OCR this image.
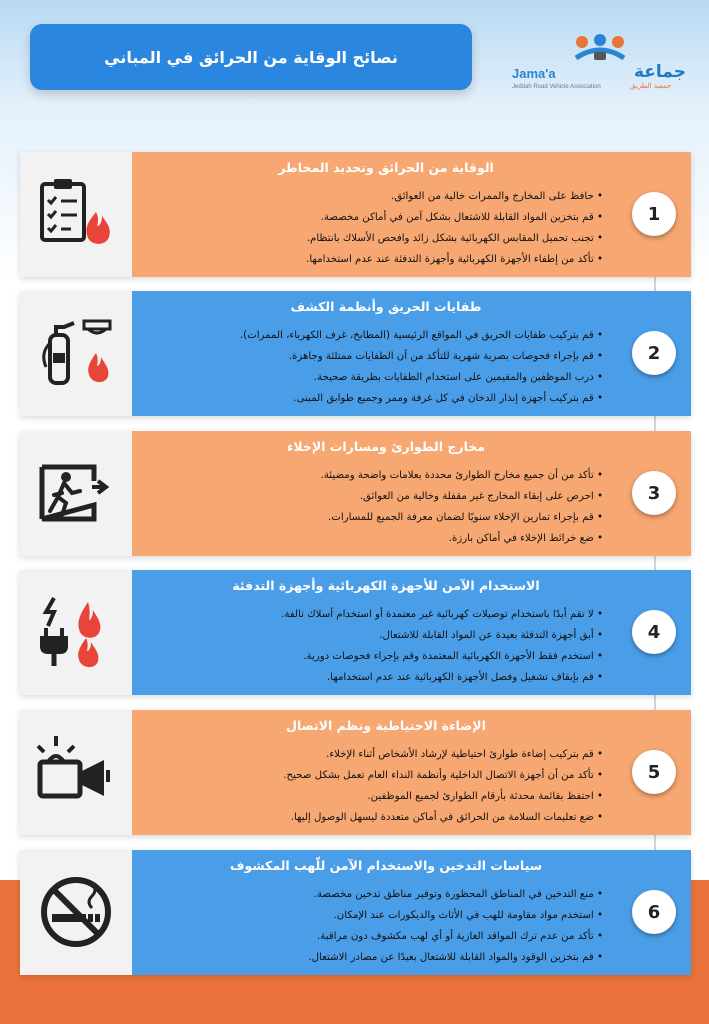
نصائح الوقاية من الحرائق في المباني
Jama'a	جماعة
Jeddah Road Vehicle Association	جمعية الطريق
الوقاية من الحرائق وتحديد المخاطر
• حافظ على المخارج والممرات خالية من العوائق.
• قم بتخزين المواد القابلة للاشتعال بشكل آمن في أماكن مخصصة.
• تجنب تحميل المقابس الكهربائية بشكل زائد وافحص الأسلاك بانتظام.
• تأكد من إطفاء الأجهزة الكهربائية وأجهزة التدفئة عند عدم استخدامها.
1
طفايات الحريق وأنظمة الكشف
• قم بتركيب طفايات الحريق في المواقع الرئيسية (المطابخ، غرف الكهرباء، الممرات).
• قم بإجراء فحوصات بصرية شهرية للتأكد من أن الطفايات ممتلئة وجاهزة.
• درب الموظفين والمقيمين على استخدام الطفايات بطريقة صحيحة.
• قم بتركيب أجهزة إنذار الدخان في كل غرفة وممر وجميع طوابق المبنى.
2
مخارج الطوارئ ومسارات الإخلاء
• تأكد من أن جميع مخارج الطوارئ محددة بعلامات واضحة ومضيئة.
• احرص على إبقاء المخارج غير مقفلة وخالية من العوائق.
• قم بإجراء تمارين الإخلاء سنويًا لضمان معرفة الجميع للمسارات.
• ضع خرائط الإخلاء في أماكن بارزة.
3
الاستخدام الآمن للأجهزة الكهربائية وأجهزة التدفئة
• لا تقم أبدًا باستخدام توصيلات كهربائية غير معتمدة أو استخدام أسلاك تالفة.
• أبق أجهزة التدفئة بعيدة عن المواد القابلة للاشتعال.
• استخدم فقط الأجهزة الكهربائية المعتمدة وقم بإجراء فحوصات دورية.
• قم بإيقاف تشغيل وفصل الأجهزة الكهربائية عند عدم استخدامها.
4
الإضاءة الاحتياطية ونظم الاتصال
• قم بتركيب إضاءة طوارئ احتياطية لإرشاد الأشخاص أثناء الإخلاء.
• تأكد من أن أجهزة الاتصال الداخلية وأنظمة النداء العام تعمل بشكل صحيح.
• احتفظ بقائمة محدثة بأرقام الطوارئ لجميع الموظفين.
• ضع تعليمات السلامة من الحرائق في أماكن متعددة ليسهل الوصول إليها.
5
سياسات التدخين والاستخدام الآمن للّهب المكشوف
• منع التدخين في المناطق المحظورة وتوفير مناطق تدخين مخصصة.
• استخدم مواد مقاومة للهب في الأثاث والديكورات عند الإمكان.
• تأكد من عدم ترك المواقد الغازية أو أي لهب مكشوف دون مراقبة.
• قم بتخزين الوقود والمواد القابلة للاشتعال بعيدًا عن مصادر الاشتعال.
6
